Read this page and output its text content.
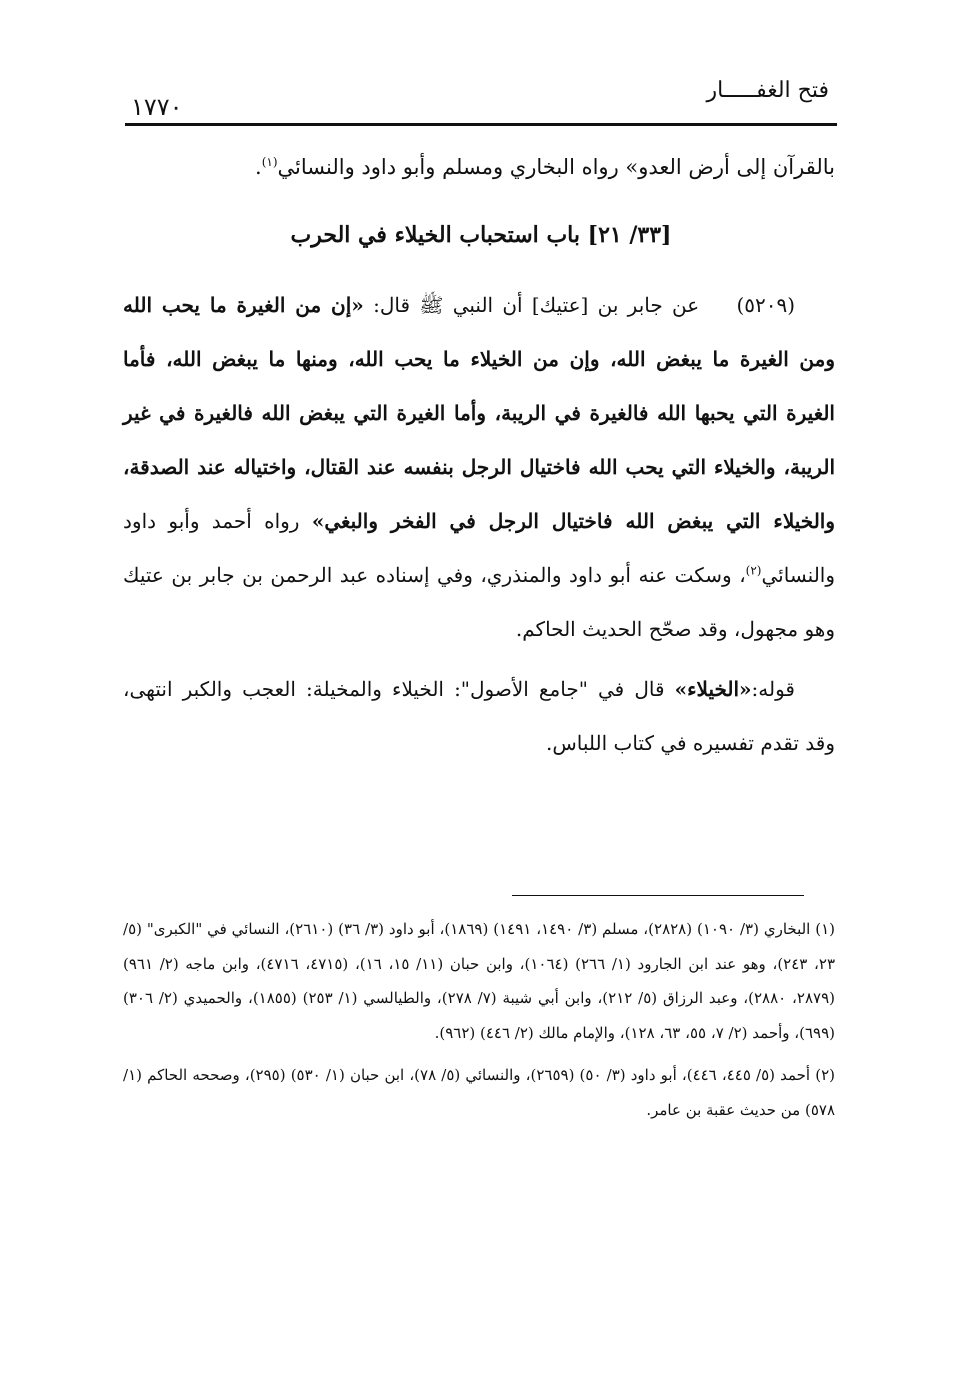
فتح الغفـــــار
١٧٧٠
بالقرآن إلى أرض العدو» رواه البخاري ومسلم وأبو داود والنسائي$^{(١)}$.
[٣٣/ ٢١] باب استحباب الخيلاء في الحرب

(٥٢٠٩) عن جابر بن [عتيك] أن النبي ﷺ قال: «إن من الغيرة ما يحب الله ومن الغيرة ما يبغض الله، وإن من الخيلاء ما يحب الله، ومنها ما يبغض الله، فأما الغيرة التي يحبها الله فالغيرة في الريبة، وأما الغيرة التي يبغض الله فالغيرة في غير الريبة، والخيلاء التي يحب الله فاختيال الرجل بنفسه عند القتال، واختياله عند الصدقة، والخيلاء التي يبغض الله فاختيال الرجل في الفخر والبغي» رواه أحمد وأبو داود والنسائي$^{(٢)}$، وسكت عنه أبو داود والمنذري، وفي إسناده عبد الرحمن بن جابر بن عتيك وهو مجهول، وقد صحّح الحديث الحاكم.

قوله:«الخيلاء» قال في "جامع الأصول": الخيلاء والمخيلة: العجب والكبر انتهى، وقد تقدم تفسيره في كتاب اللباس.

(١) البخاري (٣/ ١٠٩٠) (٢٨٢٨)، مسلم (٣/ ١٤٩٠، ١٤٩١) (١٨٦٩)، أبو داود (٣/ ٣٦) (٢٦١٠)، النسائي في "الكبرى" (٥/ ٢٣، ٢٤٣)، وهو عند ابن الجارود (١/ ٢٦٦) (١٠٦٤)، وابن حبان (١١/ ١٥، ١٦)، (٤٧١٥، ٤٧١٦)، وابن ماجه (٢/ ٩٦١) (٢٨٧٩، ٢٨٨٠)، وعبد الرزاق (٥/ ٢١٢)، وابن أبي شيبة (٧/ ٢٧٨)، والطيالسي (١/ ٢٥٣) (١٨٥٥)، والحميدي (٢/ ٣٠٦) (٦٩٩)، وأحمد (٢/ ٧، ٥٥، ٦٣، ١٢٨)، والإمام مالك (٢/ ٤٤٦) (٩٦٢).

(٢) أحمد (٥/ ٤٤٥، ٤٤٦)، أبو داود (٣/ ٥٠) (٢٦٥٩)، والنسائي (٥/ ٧٨)، ابن حبان (١/ ٥٣٠) (٢٩٥)، وصححه الحاكم (١/ ٥٧٨) من حديث عقبة بن عامر.
